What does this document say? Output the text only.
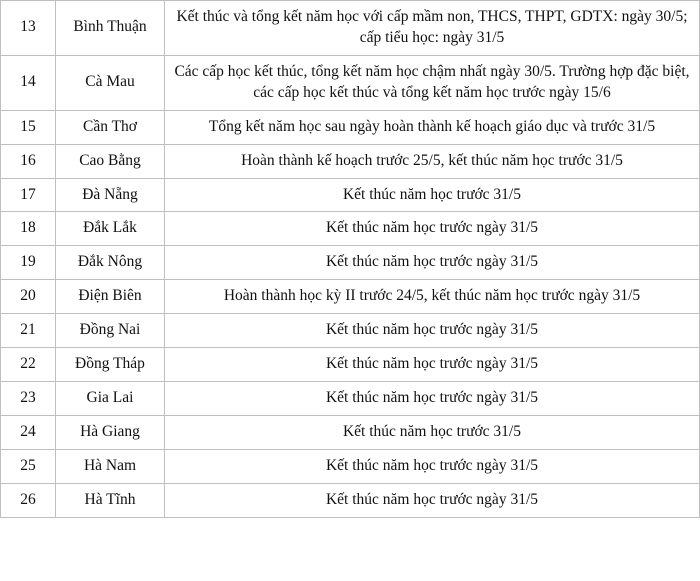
13	Bình Thuận	Kết thúc và tổng kết năm học với cấp mầm non, THCS, THPT, GDTX: ngày 30/5; cấp tiểu học: ngày 31/5
14	Cà Mau	Các cấp học kết thúc, tổng kết năm học chậm nhất ngày 30/5. Trường hợp đặc biệt, các cấp học kết thúc và tổng kết năm học trước ngày 15/6
15	Cần Thơ	Tổng kết năm học sau ngày hoàn thành kế hoạch giáo dục và trước 31/5
16	Cao Bằng	Hoàn thành kế hoạch trước 25/5, kết thúc năm học trước 31/5
17	Đà Nẵng	Kết thúc năm học trước 31/5
18	Đắk Lắk	Kết thúc năm học trước ngày 31/5
19	Đắk Nông	Kết thúc năm học trước ngày 31/5
20	Điện Biên	Hoàn thành học kỳ II trước 24/5, kết thúc năm học trước ngày 31/5
21	Đồng Nai	Kết thúc năm học trước ngày 31/5
22	Đồng Tháp	Kết thúc năm học trước ngày 31/5
23	Gia Lai	Kết thúc năm học trước ngày 31/5
24	Hà Giang	Kết thúc năm học trước 31/5
25	Hà Nam	Kết thúc năm học trước ngày 31/5
26	Hà Tĩnh	Kết thúc năm học trước ngày 31/5
